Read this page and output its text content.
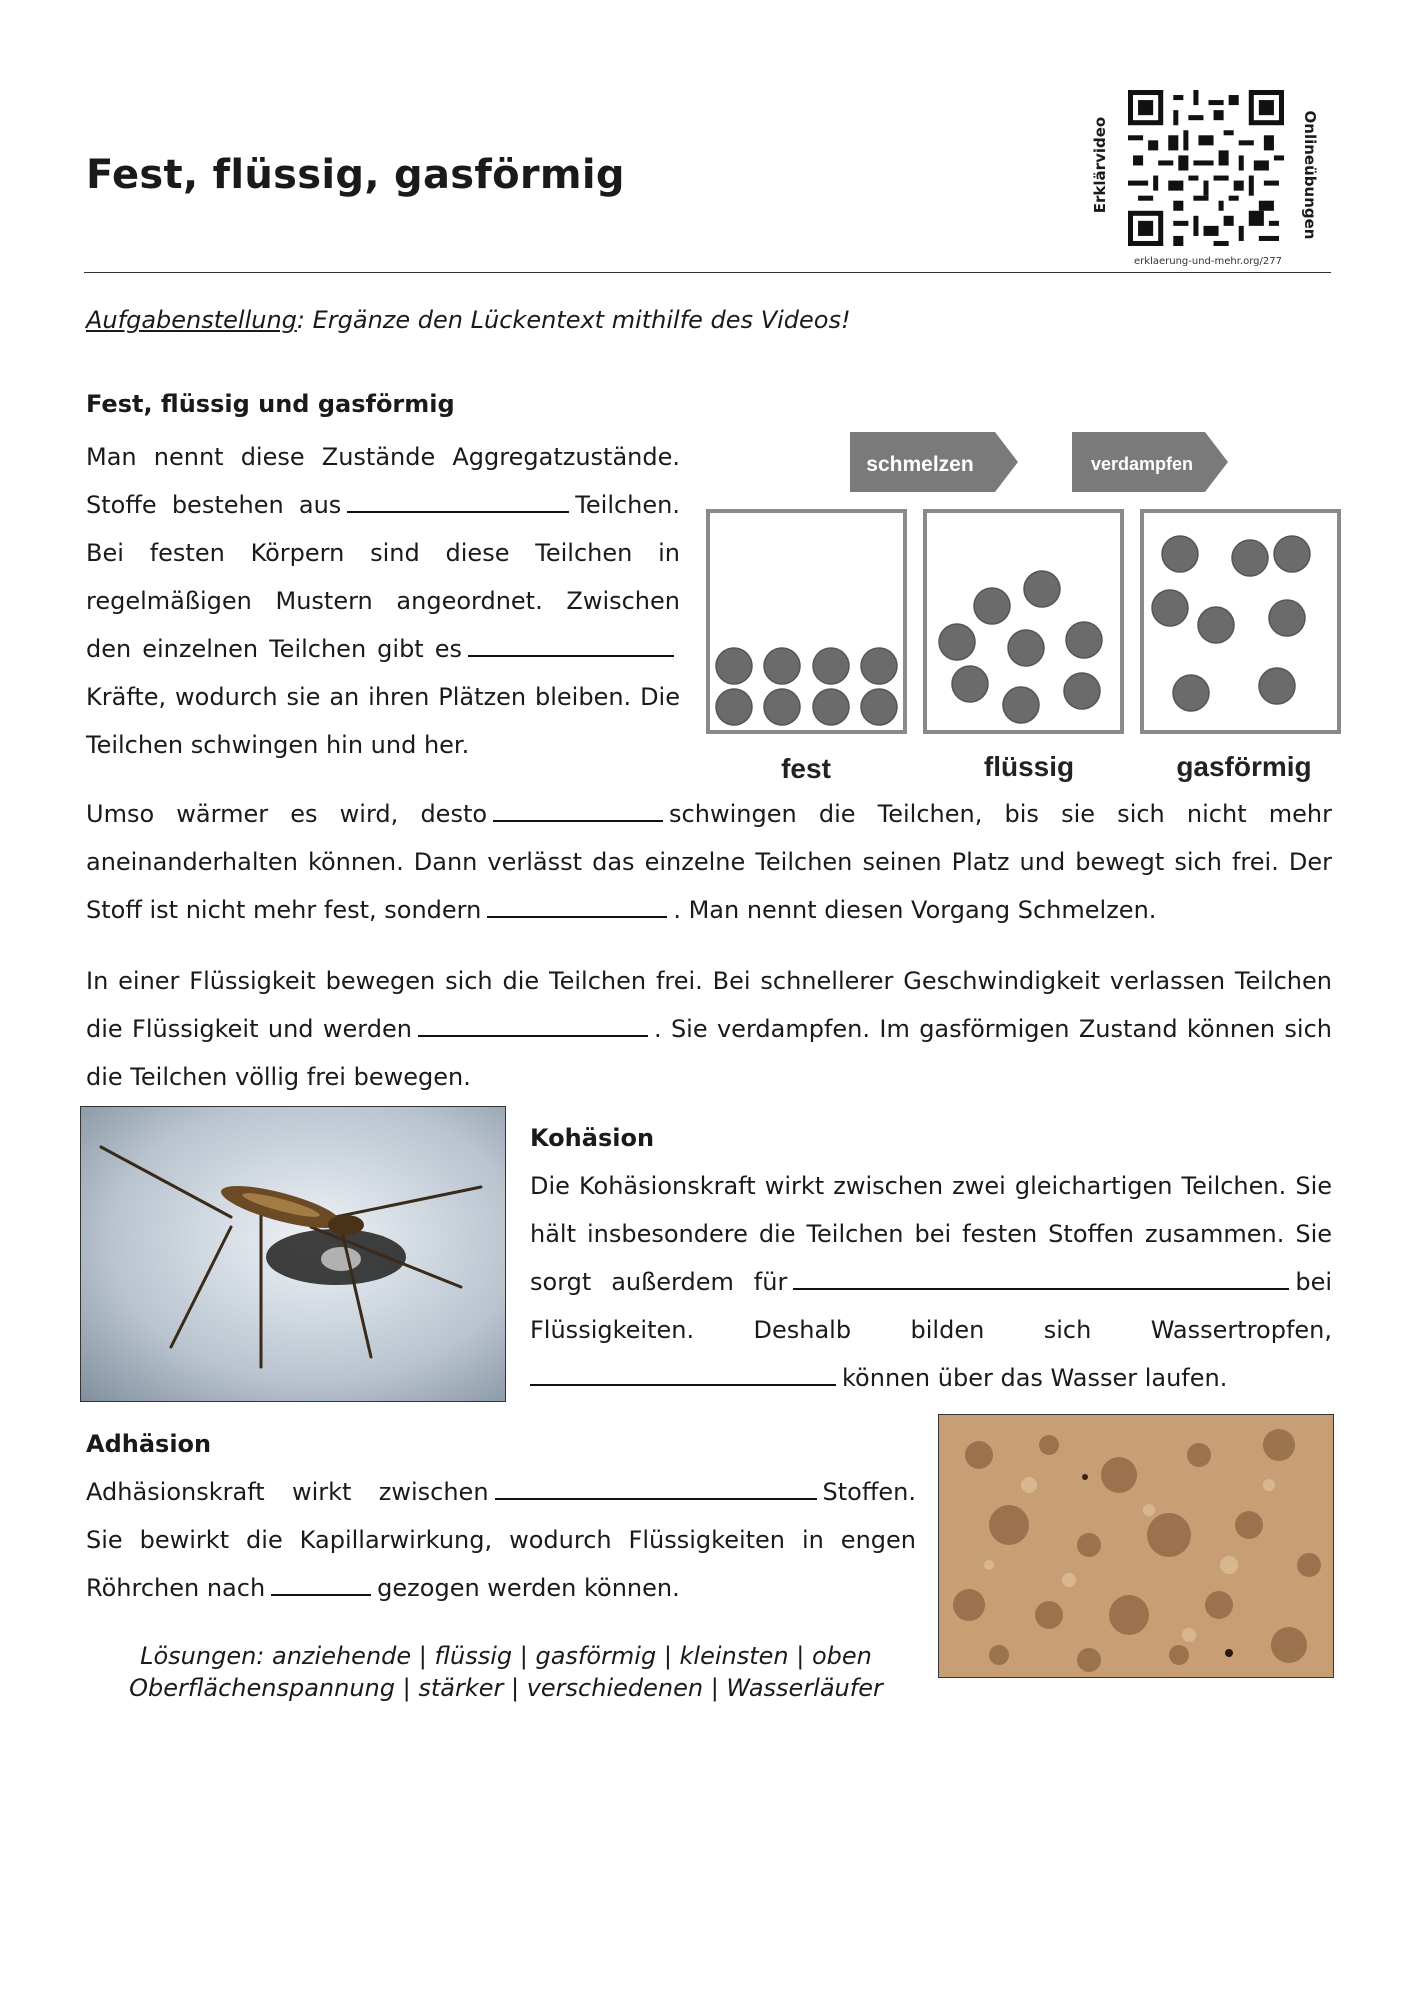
Fest, flüssig, gasförmig	Erklärvideo	Onlineübungen
erklaerung-und-mehr.org/277
Aufgabenstellung: Ergänze den Lückentext mithilfe des Videos!
Fest, flüssig und gasförmig
Man nennt diese Zustände Aggregatzustände. Stoffe bestehen aus	Teilchen. Bei festen Körpern sind diese Teilchen in regelmäßigen Mustern angeordnet. Zwischen den einzelnen Teilchen gibt esKräfte, wodurch sie an ihren Plätzen bleiben. Die Teilchen schwingen hin und her.
schmelzen	verdampfen
fest	flüssig	gasförmig
Umso wärmer es wird, desto	schwingen die Teilchen, bis sie sich nicht mehr aneinanderhalten können. Dann verlässt das einzelne Teilchen seinen Platz und bewegt sich frei. Der Stoff ist nicht mehr fest, sondern	. Man nennt diesen Vorgang Schmelzen.
In einer Flüssigkeit bewegen sich die Teilchen frei. Bei schnellerer Geschwindigkeit verlassen Teilchen die Flüssigkeit und werden	. Sie verdampfen. Im gasförmigen Zustand können sich die Teilchen völlig frei bewegen.
Kohäsion
Die Kohäsionskraft wirkt zwischen zwei gleichartigen Teilchen. Sie hält insbesondere die Teilchen bei festen Stoffen zusammen. Sie sorgt außerdem für	bei Flüssigkeiten. Deshalb bilden sich Wassertropfen,können über das Wasser laufen.
Adhäsion
Adhäsionskraft wirkt zwischen	Stoffen. Sie bewirkt die Kapillarwirkung, wodurch Flüssigkeiten in engen Röhrchen nach	gezogen werden können.
Lösungen: anziehende | flüssig | gasförmig | kleinsten | oben
Oberflächenspannung | stärker | verschiedenen | Wasserläufer
